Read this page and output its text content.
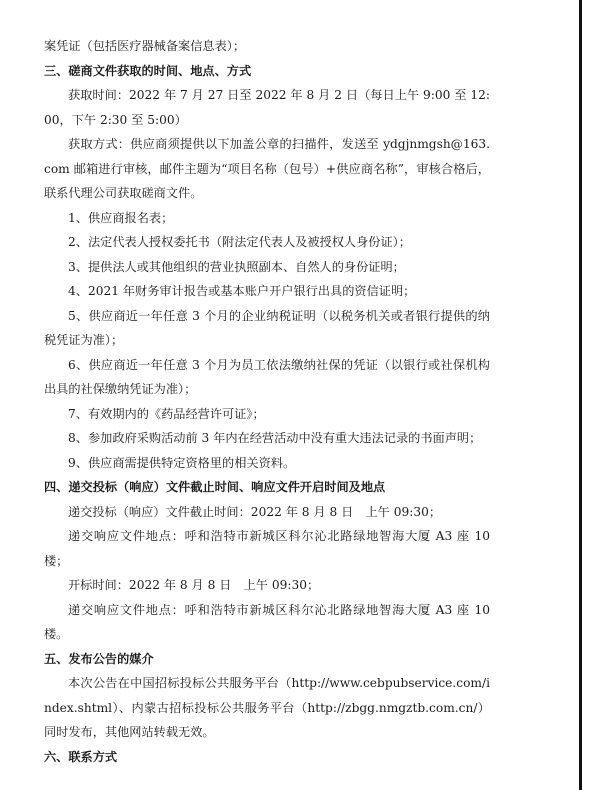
案凭证（包括医疗器械备案信息表）；

三、磋商文件获取的时间、地点、方式

获取时间：2022 年 7 月 27 日至 2022 年 8 月 2 日（每日上午 9:00 至 12:00，下午 2:30 至 5:00）

获取方式：供应商须提供以下加盖公章的扫描件，发送至 ydgjnmgsh@163.com 邮箱进行审核，邮件主题为“项目名称（包号）+供应商名称”，审核合格后，联系代理公司获取磋商文件。

1、供应商报名表；

2、法定代表人授权委托书（附法定代表人及被授权人身份证）；

3、提供法人或其他组织的营业执照副本、自然人的身份证明；

4、2021 年财务审计报告或基本账户开户银行出具的资信证明；

5、供应商近一年任意 3 个月的企业纳税证明（以税务机关或者银行提供的纳税凭证为准）；

6、供应商近一年任意 3 个月为员工依法缴纳社保的凭证（以银行或社保机构出具的社保缴纳凭证为准）；

7、有效期内的《药品经营许可证》；

8、参加政府采购活动前 3 年内在经营活动中没有重大违法记录的书面声明；

9、供应商需提供特定资格里的相关资料。

四、递交投标（响应）文件截止时间、响应文件开启时间及地点

递交投标（响应）文件截止时间：2022 年 8 月 8 日　上午 09:30；

递交响应文件地点：呼和浩特市新城区科尔沁北路绿地智海大厦 A3 座 10 楼；

开标时间：2022 年 8 月 8 日　上午 09:30；

递交响应文件地点：呼和浩特市新城区科尔沁北路绿地智海大厦 A3 座 10 楼。

五、发布公告的媒介

本次公告在中国招标投标公共服务平台（http://www.cebpubservice.com/index.shtml）、内蒙古招标投标公共服务平台（http://zbgg.nmgztb.com.cn/）同时发布，其他网站转载无效。

六、联系方式
